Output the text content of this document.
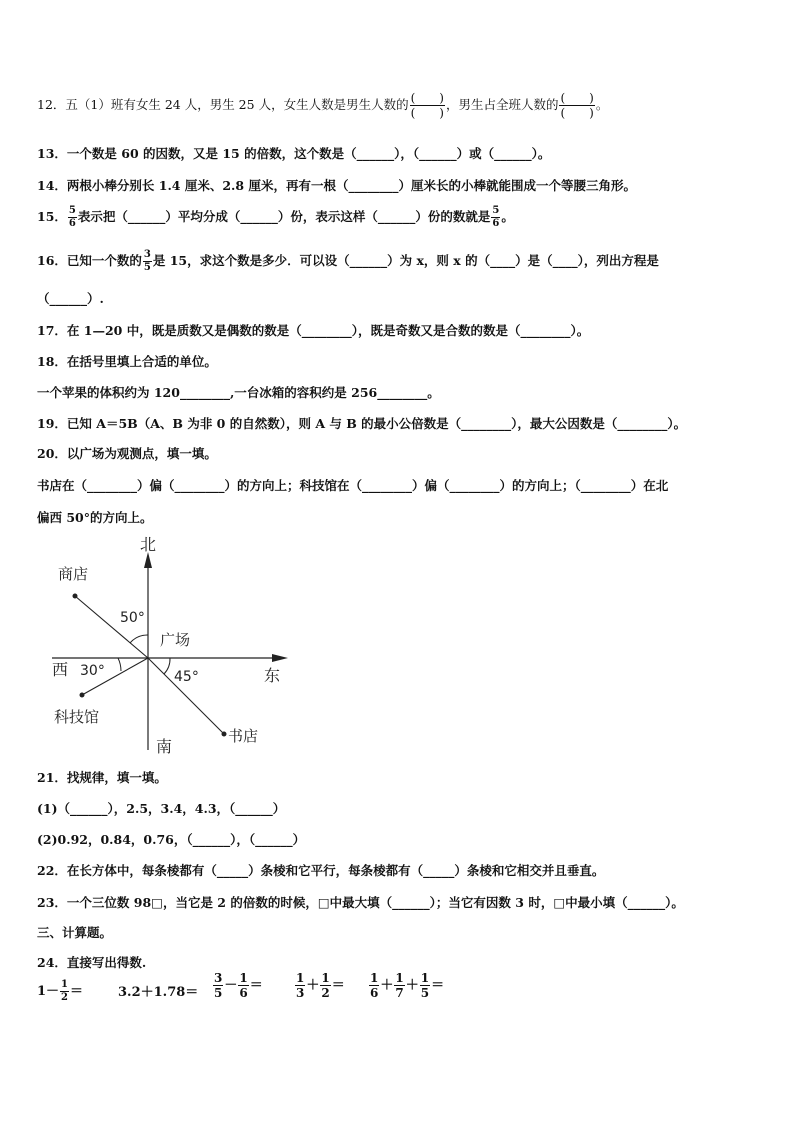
12．五（1）班有女生 24 人，男生 25 人，女生人数是男生人数的 (　　)
(　　)
，男生占全班人数的 (　　)
(　　)
。
13．一个数是 60 的因数，又是 15 的倍数，这个数是（______），（______）或（______）。
14．两根小棒分别长 1.4 厘米、2.8 厘米，再有一根（________）厘米长的小棒就能围成一个等腰三角形。
15． $\frac{5}{6}$ 表示把（______）平均分成（______）份，表示这样（______）份的数就是 $\frac{5}{6}$ 。
16．已知一个数的 $\frac{3}{5}$ 是 15，求这个数是多少．可以设（______）为 x，则 x 的（____）是（____），列出方程是
（______）.
17．在 1—20 中，既是质数又是偶数的数是（________），既是奇数又是合数的数是（________）。
18．在括号里填上合适的单位。
一个苹果的体积约为 120________,一台冰箱的容积约是 256________。
19．已知 A＝5B（A、B 为非 0 的自然数），则 A 与 B 的最小公倍数是（________），最大公因数是（________）。
20．以广场为观测点，填一填。
书店在（________）偏（________）的方向上；科技馆在（________）偏（________）的方向上；（________）在北
偏西 50°的方向上。
北
南
东
西
广场
商店
科技馆
书店
50°
30°	45°
21．找规律，填一填。
(1)（______），2.5，3.4，4.3，（______）
(2)0.92，0.84，0.76，（______），（______）
22．在长方体中，每条棱都有（_____）条棱和它平行，每条棱都有（_____）条棱和它相交并且垂直。
23．一个三位数 98□，当它是 2 的倍数的时候，□中最大填（______）；当它有因数 3 时，□中最小填（______）。
三、计算题。
24．直接写出得数.
$1- \frac{1}{2}$ ＝	$3.2+1.78= \frac{3}{5} - \frac{1}{6}$ ＝	$\frac{1}{3} + \frac{1}{2} = \frac{1}{6} + \frac{1}{7} + \frac{1}{5}$ ＝
